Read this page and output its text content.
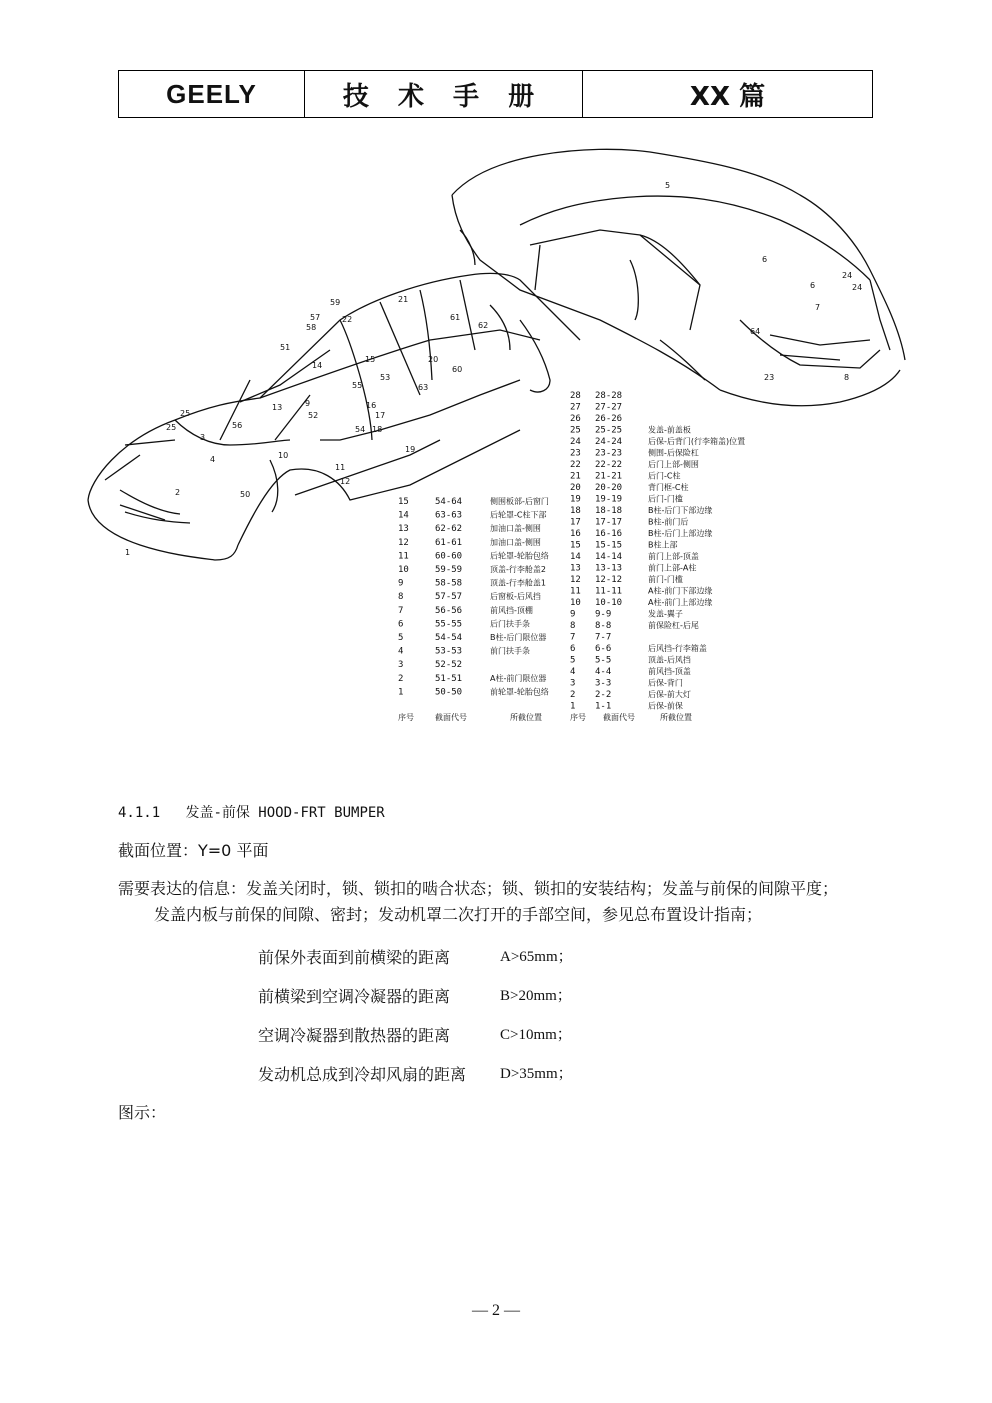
GEELY	技 术 手 册	XX 篇
25
25
3
56
4
50
2
1
10
13	9
11
12
19
18
17
16
55
54
53
14
15
52
58
59
57	22
51
21
61
62
60
63
20
24
24
23
64
5
6
7
8
6
15	54-64	侧围板部-后窗门
14	63-63	后轮罩-C柱下部
13	62-62	加油口盖-侧围
12	61-61	加油口盖-侧围
11	60-60	后轮罩-轮胎包络
10	59-59	顶盖-行李舱盖2
9	58-58	顶盖-行李舱盖1
8	57-57	后窗板-后风挡
7	56-56	前风挡-顶棚
6	55-55	后门扶手条
5	54-54	B柱-后门限位器
4	53-53	前门扶手条
3	52-52
2	51-51	A柱-前门限位器
1	50-50	前轮罩-轮胎包络
序号	截面代号	所截位置
28 28-28
27 27-27
26 26-26
25 25-25	发盖-前盖板
24 24-24	后保-后背门(行李箱盖)位置
23 23-23	侧围-后保险杠
22 22-22	后门上部-侧围
21 21-21	后门-C柱
20 20-20	背门框-C柱
19 19-19	后门-门槛
18 18-18	B柱-后门下部边缘
17 17-17	B柱-前门后
16 16-16	B柱-后门上部边缘
15 15-15	B柱上部
14 14-14	前门上部-顶盖
13 13-13	前门上部-A柱
12 12-12	前门-门槛
11 11-11	A柱-前门下部边缘
10 10-10	A柱-前门上部边缘
9 9-9	发盖-翼子
8 8-8	前保险杠-后尾
7 7-7
6 6-6	后风挡-行李箱盖
5 5-5	顶盖-后风挡
4 4-4	前风挡-顶盖
3 3-3	后保-背门
2 2-2	后保-前大灯
1 1-1	后保-前保
序号 截面代号	所截位置
4.1.1 发盖-前保 HOOD-FRT BUMPER
截面位置：Y=0 平面
需要表达的信息：发盖关闭时，锁、锁扣的啮合状态；锁、锁扣的安装结构；发盖与前保的间隙平度；
发盖内板与前保的间隙、密封；发动机罩二次打开的手部空间，参见总布置设计指南；
前保外表面到前横梁的距离	A>65mm；
前横梁到空调冷凝器的距离	B>20mm；
空调冷凝器到散热器的距离	C>10mm；
发动机总成到冷却风扇的距离	D>35mm；
图示：
— 2 —
